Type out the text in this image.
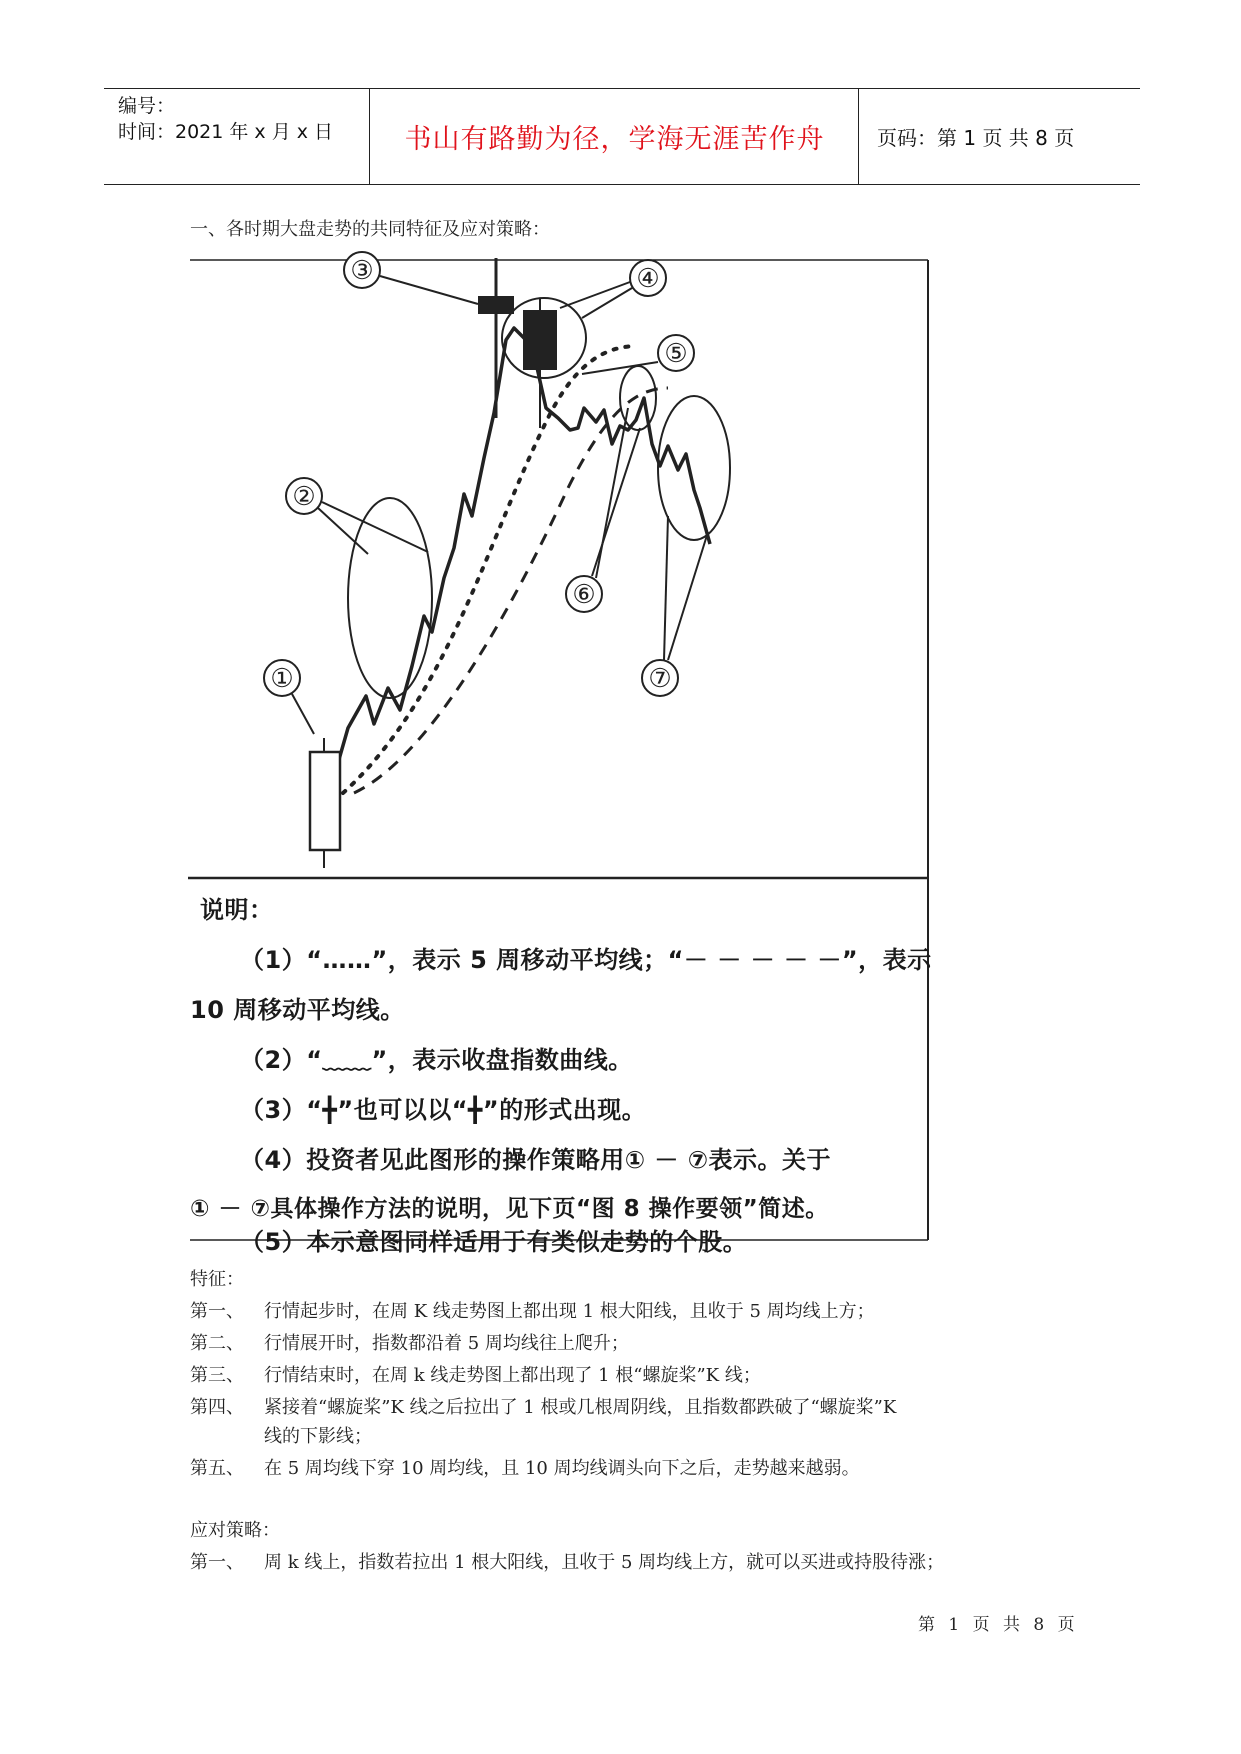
编号：
时间：2021 年 x 月 x 日	书山有路勤为径，学海无涯苦作舟	页码：第 1 页 共 8 页
一、各时期大盘走势的共同特征及应对策略：
③	④
⑤
②
⑥
①	⑦
说明：
（1）“……”，表示 5 周移动平均线；“－ － － － －”，表示
10 周移动平均线。
（2）“﹏﹏”，表示收盘指数曲线。
（3）“╋”也可以以“╋”的形式出现。
（4）投资者见此图形的操作策略用① － ⑦表示。关于
① － ⑦具体操作方法的说明，见下页“图 8 操作要领”简述。
（5）本示意图同样适用于有类似走势的个股。
特征：
第一、 行情起步时，在周 K 线走势图上都出现 1 根大阳线，且收于 5 周均线上方；
第二、 行情展开时，指数都沿着 5 周均线往上爬升；
第三、 行情结束时，在周 k 线走势图上都出现了 1 根“螺旋桨”K 线；
第四、 紧接着“螺旋桨”K 线之后拉出了 1 根或几根周阴线，且指数都跌破了“螺旋桨”K
线的下影线；
第五、 在 5 周均线下穿 10 周均线，且 10 周均线调头向下之后，走势越来越弱。
应对策略：
第一、 周 k 线上，指数若拉出 1 根大阳线，且收于 5 周均线上方，就可以买进或持股待涨；
第 1 页 共 8 页
